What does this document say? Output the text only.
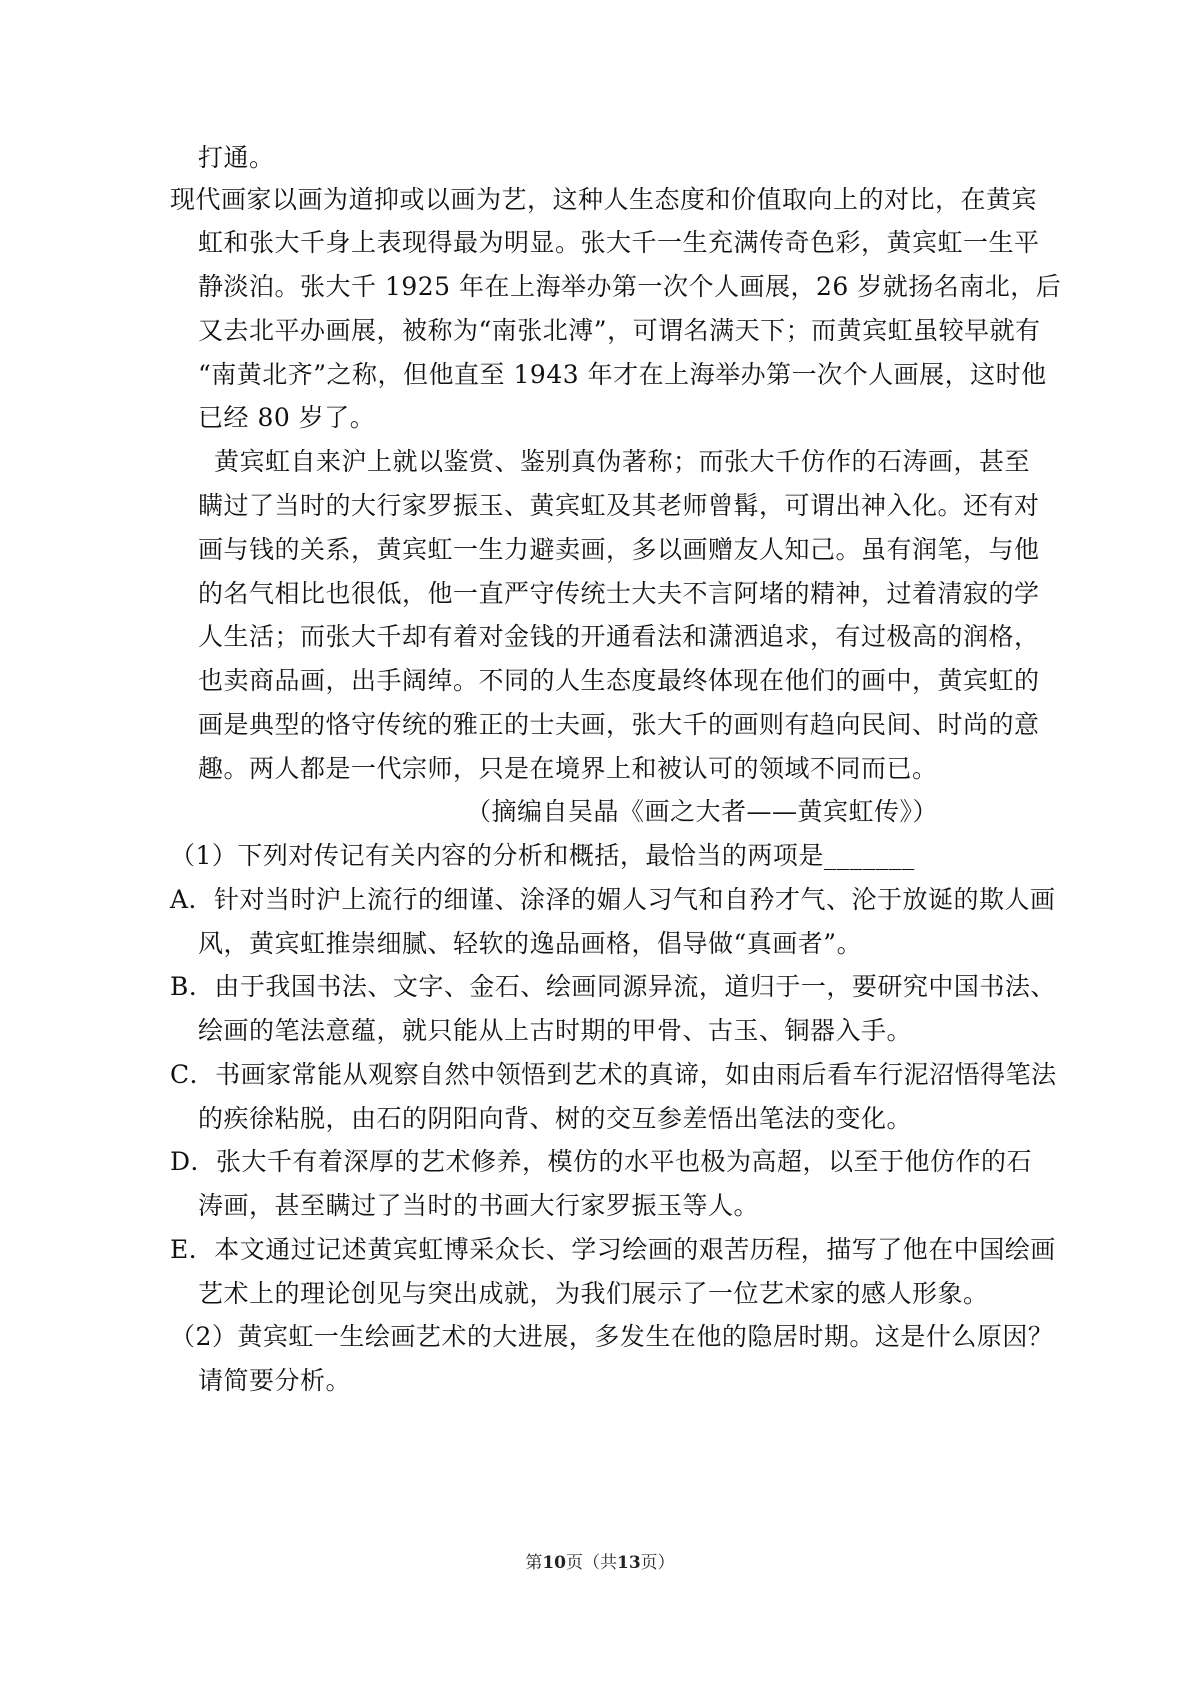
打通。
现代画家以画为道抑或以画为艺，这种人生态度和价值取向上的对比，在黄宾
虹和张大千身上表现得最为明显。张大千一生充满传奇色彩，黄宾虹一生平
静淡泊。张大千 1925 年在上海举办第一次个人画展，26 岁就扬名南北，后
又去北平办画展，被称为“南张北溥”，可谓名满天下；而黄宾虹虽较早就有
“南黄北齐”之称，但他直至 1943 年才在上海举办第一次个人画展，这时他
已经 80 岁了。
黄宾虹自来沪上就以鉴赏、鉴别真伪著称；而张大千仿作的石涛画，甚至
瞒过了当时的大行家罗振玉、黄宾虹及其老师曾髯，可谓出神入化。还有对
画与钱的关系，黄宾虹一生力避卖画，多以画赠友人知己。虽有润笔，与他
的名气相比也很低，他一直严守传统士大夫不言阿堵的精神，过着清寂的学
人生活；而张大千却有着对金钱的开通看法和潇洒追求，有过极高的润格，
也卖商品画，出手阔绰。不同的人生态度最终体现在他们的画中，黄宾虹的
画是典型的恪守传统的雅正的士夫画，张大千的画则有趋向民间、时尚的意
趣。两人都是一代宗师，只是在境界上和被认可的领域不同而已。
（摘编自吴晶《画之大者——黄宾虹传》）
（1）下列对传记有关内容的分析和概括，最恰当的两项是_______
A．针对当时沪上流行的细谨、涂泽的媚人习气和自矜才气、沦于放诞的欺人画
风，黄宾虹推崇细腻、轻软的逸品画格，倡导做“真画者”。
B．由于我国书法、文字、金石、绘画同源异流，道归于一，要研究中国书法、
绘画的笔法意蕴，就只能从上古时期的甲骨、古玉、铜器入手。
C．书画家常能从观察自然中领悟到艺术的真谛，如由雨后看车行泥沼悟得笔法
的疾徐粘脱，由石的阴阳向背、树的交互参差悟出笔法的变化。
D．张大千有着深厚的艺术修养，模仿的水平也极为高超，以至于他仿作的石
涛画，甚至瞒过了当时的书画大行家罗振玉等人。
E．本文通过记述黄宾虹博采众长、学习绘画的艰苦历程，描写了他在中国绘画
艺术上的理论创见与突出成就，为我们展示了一位艺术家的感人形象。
（2）黄宾虹一生绘画艺术的大进展，多发生在他的隐居时期。这是什么原因？
请简要分析。
第10页（共13页）
